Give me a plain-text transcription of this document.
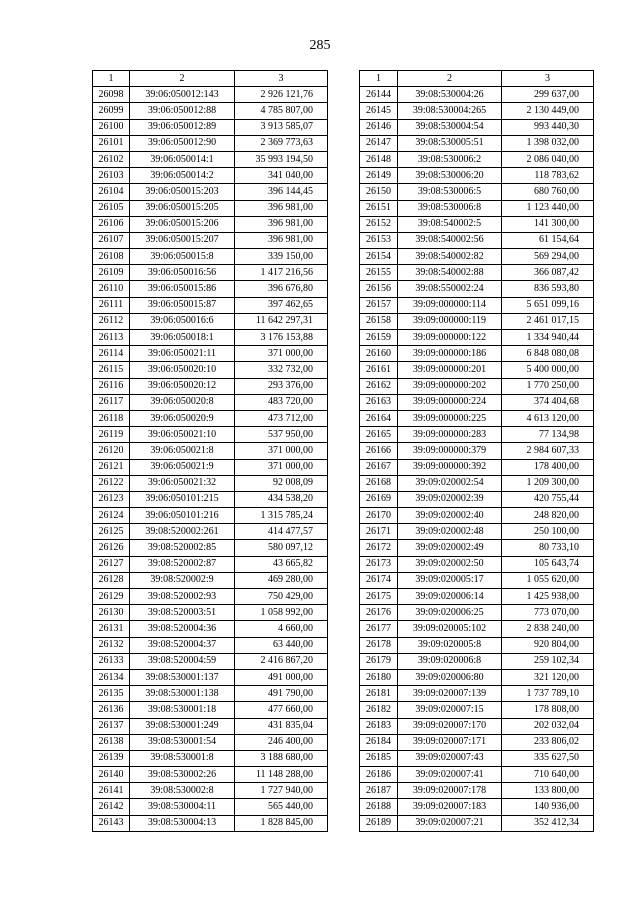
285
1	2	3
26098	39:06:050012:143	2 926 121,76
26099	39:06:050012:88	4 785 807,00
26100	39:06:050012:89	3 913 585,07
26101	39:06:050012:90	2 369 773,63
26102	39:06:050014:1	35 993 194,50
26103	39:06:050014:2	341 040,00
26104	39:06:050015:203	396 144,45
26105	39:06:050015:205	396 981,00
26106	39:06:050015:206	396 981,00
26107	39:06:050015:207	396 981,00
26108	39:06:050015:8	339 150,00
26109	39:06:050016:56	1 417 216,56
26110	39:06:050015:86	396 676,80
26111	39:06:050015:87	397 462,65
26112	39:06:050016:6	11 642 297,31
26113	39:06:050018:1	3 176 153,88
26114	39:06:050021:11	371 000,00
26115	39:06:050020:10	332 732,00
26116	39:06:050020:12	293 376,00
26117	39:06:050020:8	483 720,00
26118	39:06:050020:9	473 712,00
26119	39:06:050021:10	537 950,00
26120	39:06:050021:8	371 000,00
26121	39:06:050021:9	371 000,00
26122	39:06:050021:32	92 008,09
26123	39:06:050101:215	434 538,20
26124	39:06:050101:216	1 315 785,24
26125	39:08:520002:261	414 477,57
26126	39:08:520002:85	580 097,12
26127	39:08:520002:87	43 665,82
26128	39:08:520002:9	469 280,00
26129	39:08:520002:93	750 429,00
26130	39:08:520003:51	1 058 992,00
26131	39:08:520004:36	4 660,00
26132	39:08:520004:37	63 440,00
26133	39:08:520004:59	2 416 867,20
26134	39:08:530001:137	491 000,00
26135	39:08:530001:138	491 790,00
26136	39:08:530001:18	477 660,00
26137	39:08:530001:249	431 835,04
26138	39:08:530001:54	246 400,00
26139	39:08:530001:8	3 188 680,00
26140	39:08:530002:26	11 148 288,00
26141	39:08:530002:8	1 727 940,00
26142	39:08:530004:11	565 440,00
26143	39:08:530004:13	1 828 845,00
1	2	3
26144	39:08:530004:26	299 637,00
26145	39:08:530004:265	2 130 449,00
26146	39:08:530004:54	993 440,30
26147	39:08:530005:51	1 398 032,00
26148	39:08:530006:2	2 086 040,00
26149	39:08:530006:20	118 783,62
26150	39:08:530006:5	680 760,00
26151	39:08:530006:8	1 123 440,00
26152	39:08:540002:5	141 300,00
26153	39:08:540002:56	61 154,64
26154	39:08:540002:82	569 294,00
26155	39:08:540002:88	366 087,42
26156	39:08:550002:24	836 593,80
26157	39:09:000000:114	5 651 099,16
26158	39:09:000000:119	2 461 017,15
26159	39:09:000000:122	1 334 940,44
26160	39:09:000000:186	6 848 080,08
26161	39:09:000000:201	5 400 000,00
26162	39:09:000000:202	1 770 250,00
26163	39:09:000000:224	374 404,68
26164	39:09:000000:225	4 613 120,00
26165	39:09:000000:283	77 134,98
26166	39:09:000000:379	2 984 607,33
26167	39:09:000000:392	178 400,00
26168	39:09:020002:54	1 209 300,00
26169	39:09:020002:39	420 755,44
26170	39:09:020002:40	248 820,00
26171	39:09:020002:48	250 100,00
26172	39:09:020002:49	80 733,10
26173	39:09:020002:50	105 643,74
26174	39:09:020005:17	1 055 620,00
26175	39:09:020006:14	1 425 938,00
26176	39:09:020006:25	773 070,00
26177	39:09:020005:102	2 838 240,00
26178	39:09:020005:8	920 804,00
26179	39:09:020006:8	259 102,34
26180	39:09:020006:80	321 120,00
26181	39:09:020007:139	1 737 789,10
26182	39:09:020007:15	178 808,00
26183	39:09:020007:170	202 032,04
26184	39:09:020007:171	233 806,02
26185	39:09:020007:43	335 627,50
26186	39:09:020007:41	710 640,00
26187	39:09:020007:178	133 800,00
26188	39:09:020007:183	140 936,00
26189	39:09:020007:21	352 412,34
